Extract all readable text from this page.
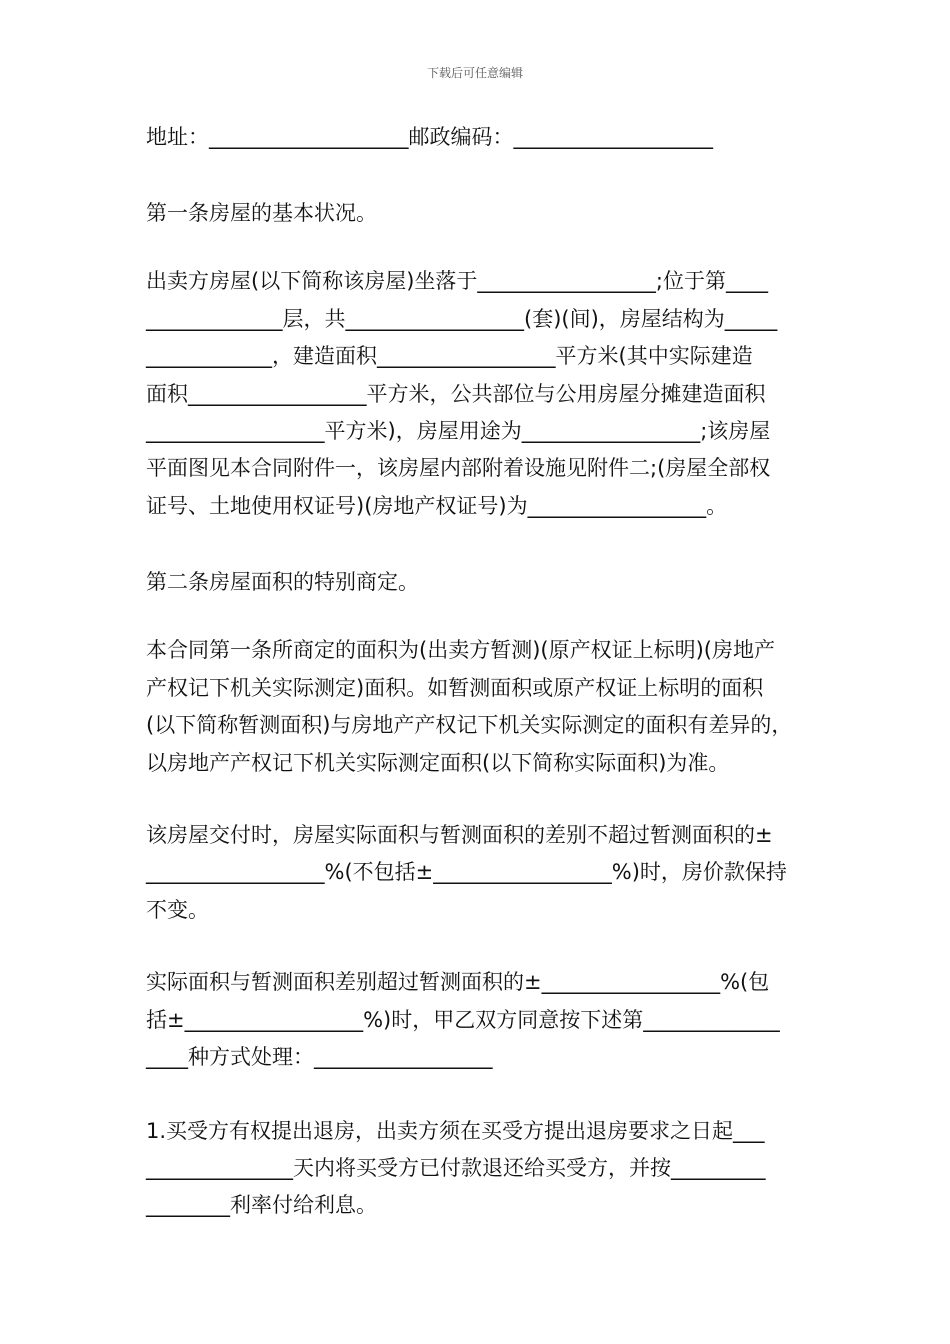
下载后可任意编辑
地址：___________________邮政编码：___________________
第一条房屋的基本状况。
出卖方房屋(以下简称该房屋)坐落于_________________;位于第____
_____________层，共_________________(套)(间)，房屋结构为_____
____________，建造面积_________________平方米(其中实际建造
面积_________________平方米，公共部位与公用房屋分摊建造面积
_________________平方米)，房屋用途为_________________;该房屋
平面图见本合同附件一，该房屋内部附着设施见附件二;(房屋全部权
证号、土地使用权证号)(房地产权证号)为_________________。
第二条房屋面积的特别商定。
本合同第一条所商定的面积为(出卖方暂测)(原产权证上标明)(房地产
产权记下机关实际测定)面积。如暂测面积或原产权证上标明的面积
(以下简称暂测面积)与房地产产权记下机关实际测定的面积有差异的，
以房地产产权记下机关实际测定面积(以下简称实际面积)为准。
该房屋交付时，房屋实际面积与暂测面积的差别不超过暂测面积的±
_________________%(不包括±_________________%)时，房价款保持
不变。
实际面积与暂测面积差别超过暂测面积的±_________________%(包
括±_________________%)时，甲乙双方同意按下述第_____________
____种方式处理：_________________
1.买受方有权提出退房，出卖方须在买受方提出退房要求之日起___
______________天内将买受方已付款退还给买受方，并按_________
________利率付给利息。
